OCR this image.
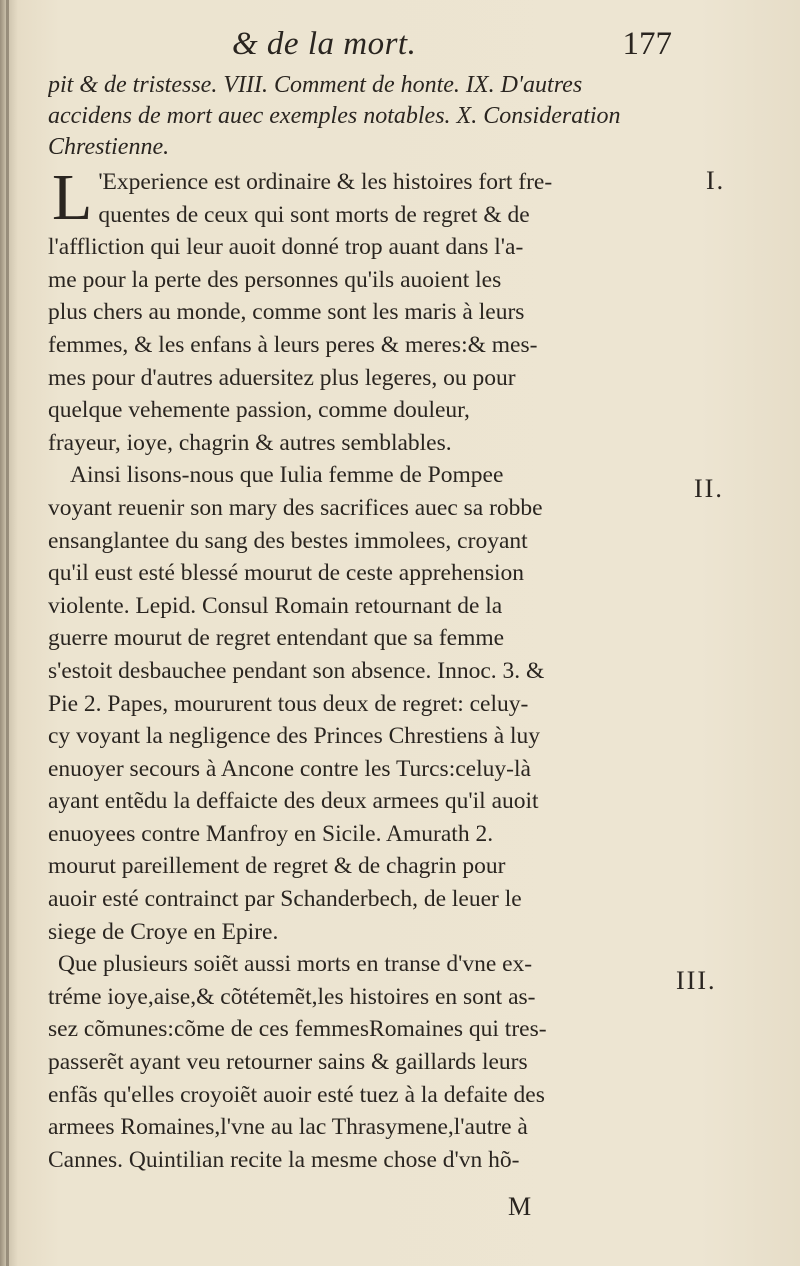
& de la mort.	177
pit & de tristesse. VIII. Comment de honte. IX. D'autres
accidens de mort auec exemples notables. X. Consideration
Chrestienne.
L 'Experience est ordinaire & les histoires fort fre-
quentes de ceux qui sont morts de regret & de
l'affliction qui leur auoit donné trop auant dans l'a-
me pour la perte des personnes qu'ils auoient les
plus chers au monde, comme sont les maris à leurs
femmes, & les enfans à leurs peres & meres:& mes-
mes pour d'autres aduersitez plus legeres, ou pour
quelque vehemente passion, comme douleur,
frayeur, ioye, chagrin & autres semblables.
Ainsi lisons-nous que Iulia femme de Pompee
voyant reuenir son mary des sacrifices auec sa robbe
ensanglantee du sang des bestes immolees, croyant
qu'il eust esté blessé mourut de ceste apprehension
violente. Lepid. Consul Romain retournant de la
guerre mourut de regret entendant que sa femme
s'estoit desbauchee pendant son absence. Innoc. 3. &
Pie 2. Papes, moururent tous deux de regret: celuy-
cy voyant la negligence des Princes Chrestiens à luy
enuoyer secours à Ancone contre les Turcs:celuy-là
ayant entẽdu la deffaicte des deux armees qu'il auoit
enuoyees contre Manfroy en Sicile. Amurath 2.
mourut pareillement de regret & de chagrin pour
auoir esté contrainct par Schanderbech, de leuer le
siege de Croye en Epire.
Que plusieurs soiẽt aussi morts en transe d'vne ex-
tréme ioye,aise,& cõtétemẽt,les histoires en sont as-
sez cõmunes:cõme de ces femmesRomaines qui tres-
passerẽt ayant veu retourner sains & gaillards leurs
enfãs qu'elles croyoiẽt auoir esté tuez à la defaite des
armees Romaines,l'vne au lac Thrasymene,l'autre à
Cannes. Quintilian recite la mesme chose d'vn hõ-
I.
II.
III.
M
